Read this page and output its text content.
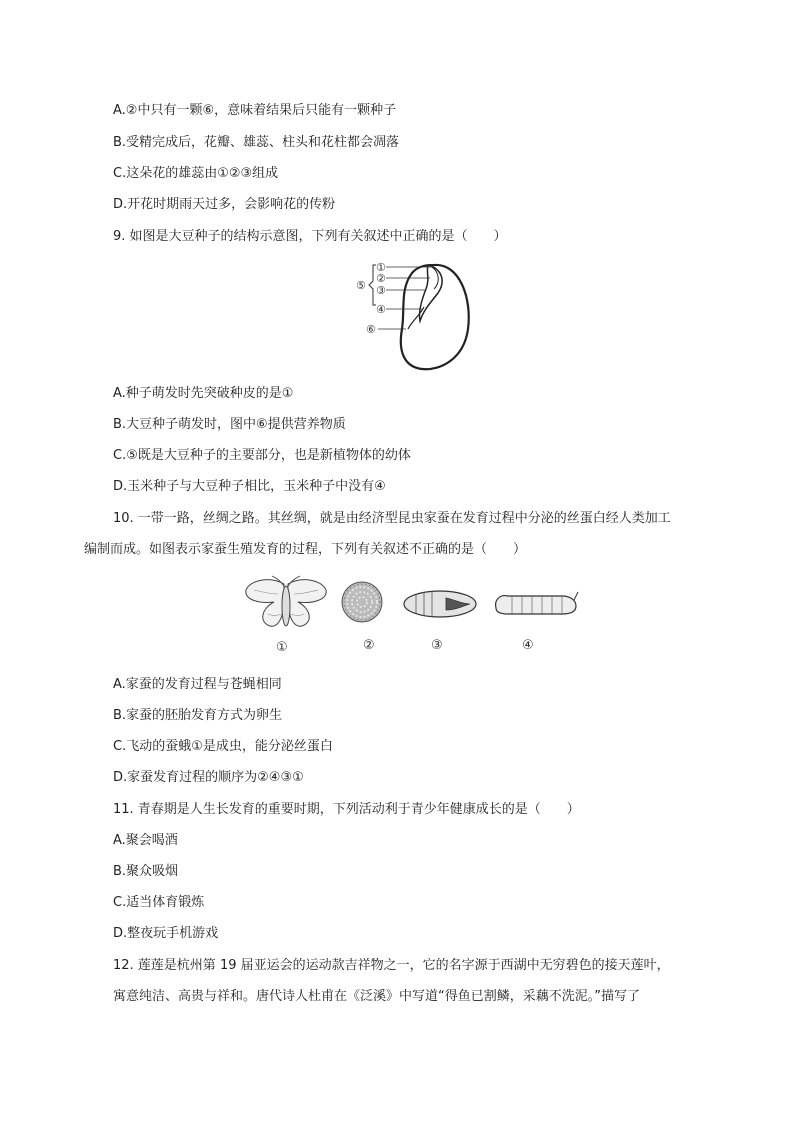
A.②中只有一颗⑥，意味着结果后只能有一颗种子
B.受精完成后，花瓣、雄蕊、柱头和花柱都会凋落
C.这朵花的雄蕊由①②③组成
D.开花时期雨天过多，会影响花的传粉
9. 如图是大豆种子的结构示意图，下列有关叙述中正确的是（　　）
①
②
③
④
⑤
⑥
A.种子萌发时先突破种皮的是①
B.大豆种子萌发时，图中⑥提供营养物质
C.⑤既是大豆种子的主要部分，也是新植物体的幼体
D.玉米种子与大豆种子相比，玉米种子中没有④
10. 一带一路，丝绸之路。其丝绸，就是由经济型昆虫家蚕在发育过程中分泌的丝蛋白经人类加工
编制而成。如图表示家蚕生殖发育的过程，下列有关叙述不正确的是（　　）
①	②	③	④
A.家蚕的发育过程与苍蝇相同
B.家蚕的胚胎发育方式为卵生
C.飞动的蚕蛾①是成虫，能分泌丝蛋白
D.家蚕发育过程的顺序为②④③①
11. 青春期是人生长发育的重要时期，下列活动利于青少年健康成长的是（　　）
A.聚会喝酒
B.聚众吸烟
C.适当体育锻炼
D.整夜玩手机游戏
12. 莲莲是杭州第 19 届亚运会的运动款吉祥物之一，它的名字源于西湖中无穷碧色的接天莲叶，
寓意纯洁、高贵与祥和。唐代诗人杜甫在《泛溪》中写道“得鱼已割鳞，采藕不洗泥。”描写了
